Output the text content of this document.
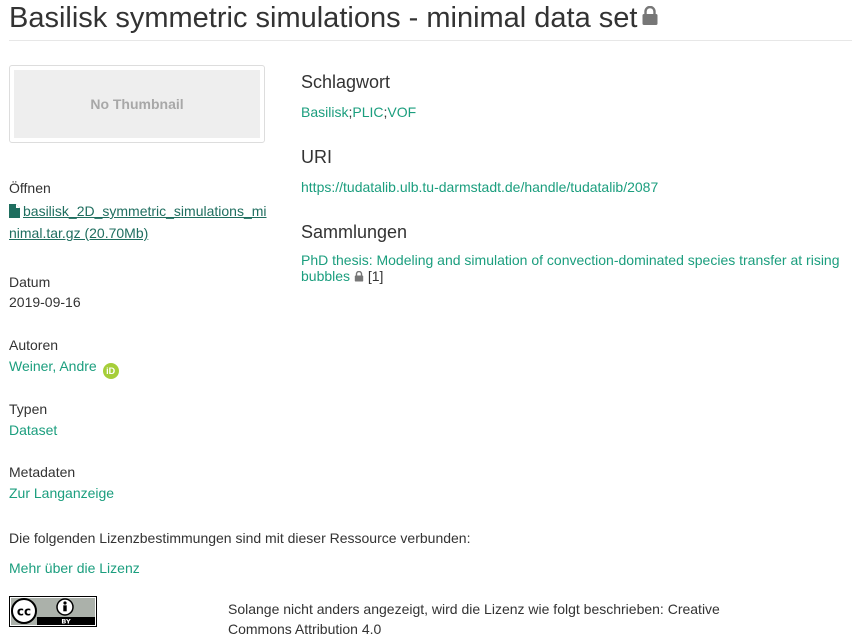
Basilisk symmetric simulations - minimal data set
No Thumbnail
Öffnen
basilisk_2D_symmetric_simulations_minimal.tar.gz (20.70Mb)
Datum
2019-09-16
Autoren
Weiner, Andre iD
Typen
Dataset
Metadaten
Zur Langanzeige
Schlagwort
Basilisk;PLIC;VOF
URI
https://tudatalib.ulb.tu-darmstadt.de/handle/tudatalib/2087
Sammlungen
PhD thesis: Modeling and simulation of convection-dominated species transfer at rising bubbles [1]
Die folgenden Lizenzbestimmungen sind mit dieser Ressource verbunden:
Mehr über die Lizenz
cc
BY
Solange nicht anders angezeigt, wird die Lizenz wie folgt beschrieben: Creative Commons Attribution 4.0
